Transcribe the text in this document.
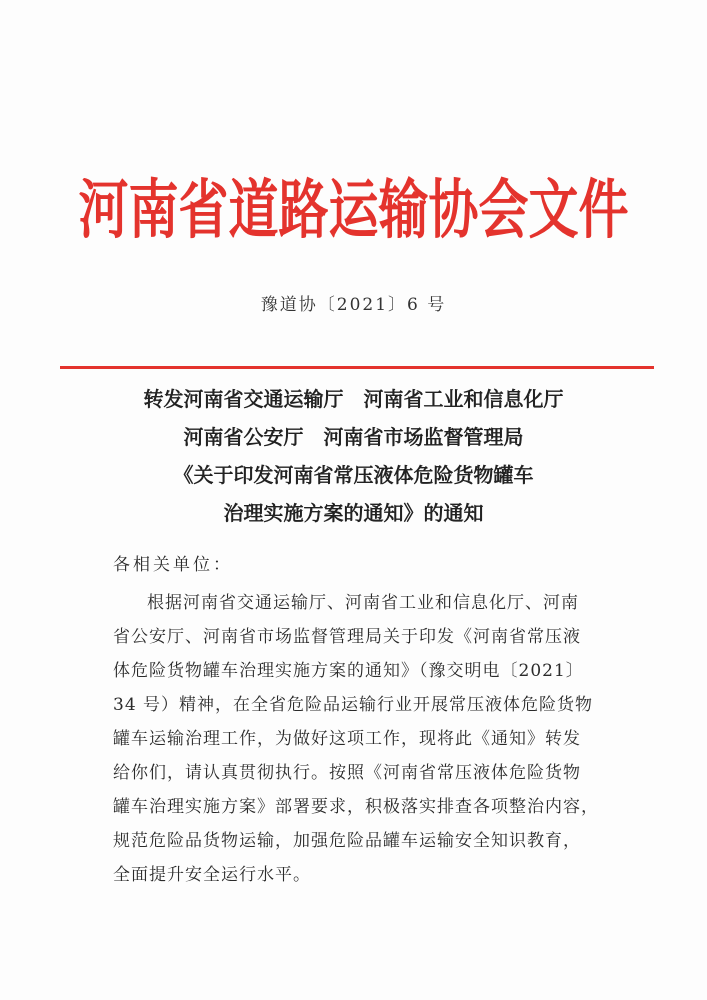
河南省道路运输协会文件
豫道协〔2021〕6 号
转发河南省交通运输厅　河南省工业和信息化厅
河南省公安厅　河南省市场监督管理局
《关于印发河南省常压液体危险货物罐车
治理实施方案的通知》的通知
各相关单位：
根据河南省交通运输厅、河南省工业和信息化厅、河南
省公安厅、河南省市场监督管理局关于印发《河南省常压液
体危险货物罐车治理实施方案的通知》（豫交明电〔2021〕
34 号）精神，在全省危险品运输行业开展常压液体危险货物
罐车运输治理工作，为做好这项工作，现将此《通知》转发
给你们，请认真贯彻执行。按照《河南省常压液体危险货物
罐车治理实施方案》部署要求，积极落实排查各项整治内容，
规范危险品货物运输，加强危险品罐车运输安全知识教育，
全面提升安全运行水平。
